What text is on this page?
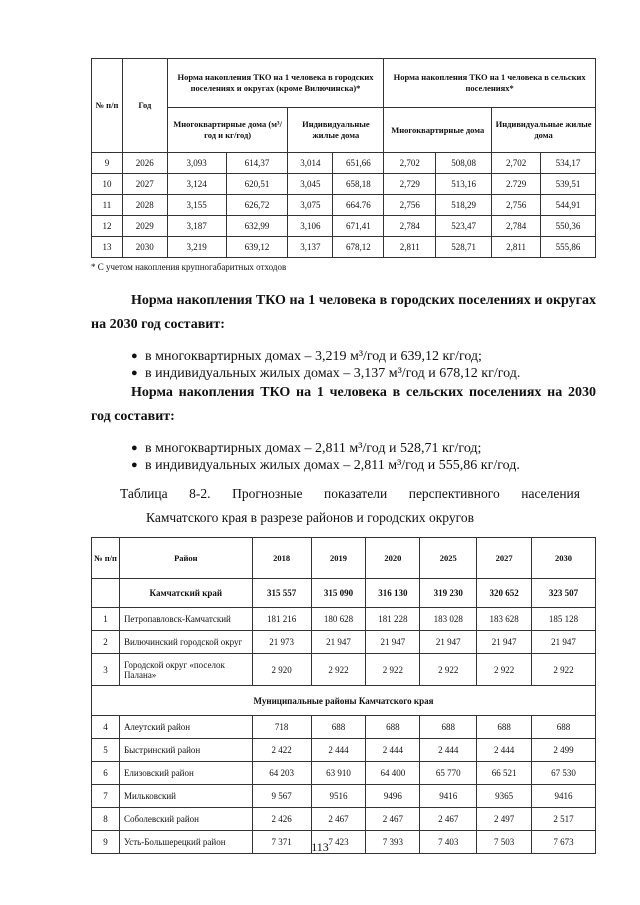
№ п/п	Год	Норма накопления ТКО на 1 человека в городских поселениях и округах (кроме Вилючинска)*				Норма накопления ТКО на 1 человека в сельских поселениях*			
		Многоквартирные дома (м³/год и кг/год)		Индивидуальные жилые дома		Многоквартирные дома		Индивидуальные жилые дома	
9	2026	3,093	614,37	3,014	651,66	2,702	508,08	2,702	534,17
10	2027	3,124	620,51	3,045	658,18	2,729	513,16	2.729	539,51
11	2028	3,155	626,72	3,075	664.76	2,756	518,29	2,756	544,91
12	2029	3,187	632,99	3,106	671,41	2,784	523,47	2,784	550,36
13	2030	3,219	639,12	3,137	678,12	2,811	528,71	2,811	555,86
* С учетом накопления крупногабаритных отходов
Норма накопления ТКО на 1 человека в городских поселениях и округах на 2030 год составит:
● в многоквартирных домах – 3,219 м³/год и 639,12 кг/год;
● в индивидуальных жилых домах – 3,137 м³/год и 678,12 кг/год.
Норма накопления ТКО на 1 человека в сельских поселениях на 2030 год составит:
● в многоквартирных домах – 2,811 м³/год и 528,71 кг/год;
● в индивидуальных жилых домах – 2,811 м³/год и 555,86 кг/год.
Таблица 8-2. Прогнозные показатели перспективного населения
Камчатского края в разрезе районов и городских округов
№ п/п	Район	2018	2019	2020	2025	2027	2030
	Камчатский край	315 557	315 090	316 130	319 230	320 652	323 507
1	Петропавловск-Камчатский	181 216	180 628	181 228	183 028	183 628	185 128
2	Вилючинский городской округ	21 973	21 947	21 947	21 947	21 947	21 947
3	Городской округ «поселок Палана»	2 920	2 922	2 922	2 922	2 922	2 922
Муниципальные районы Камчатского края							
4	Алеутский район	718	688	688	688	688	688
5	Быстринский район	2 422	2 444	2 444	2 444	2 444	2 499
6	Елизовский район	64 203	63 910	64 400	65 770	66 521	67 530
7	Мильковский	9 567	9516	9496	9416	9365	9416
8	Соболевский район	2 426	2 467	2 467	2 467	2 497	2 517
9	Усть-Большерецкий район	7 371	7 423	7 393	7 403	7 503	7 673
113
